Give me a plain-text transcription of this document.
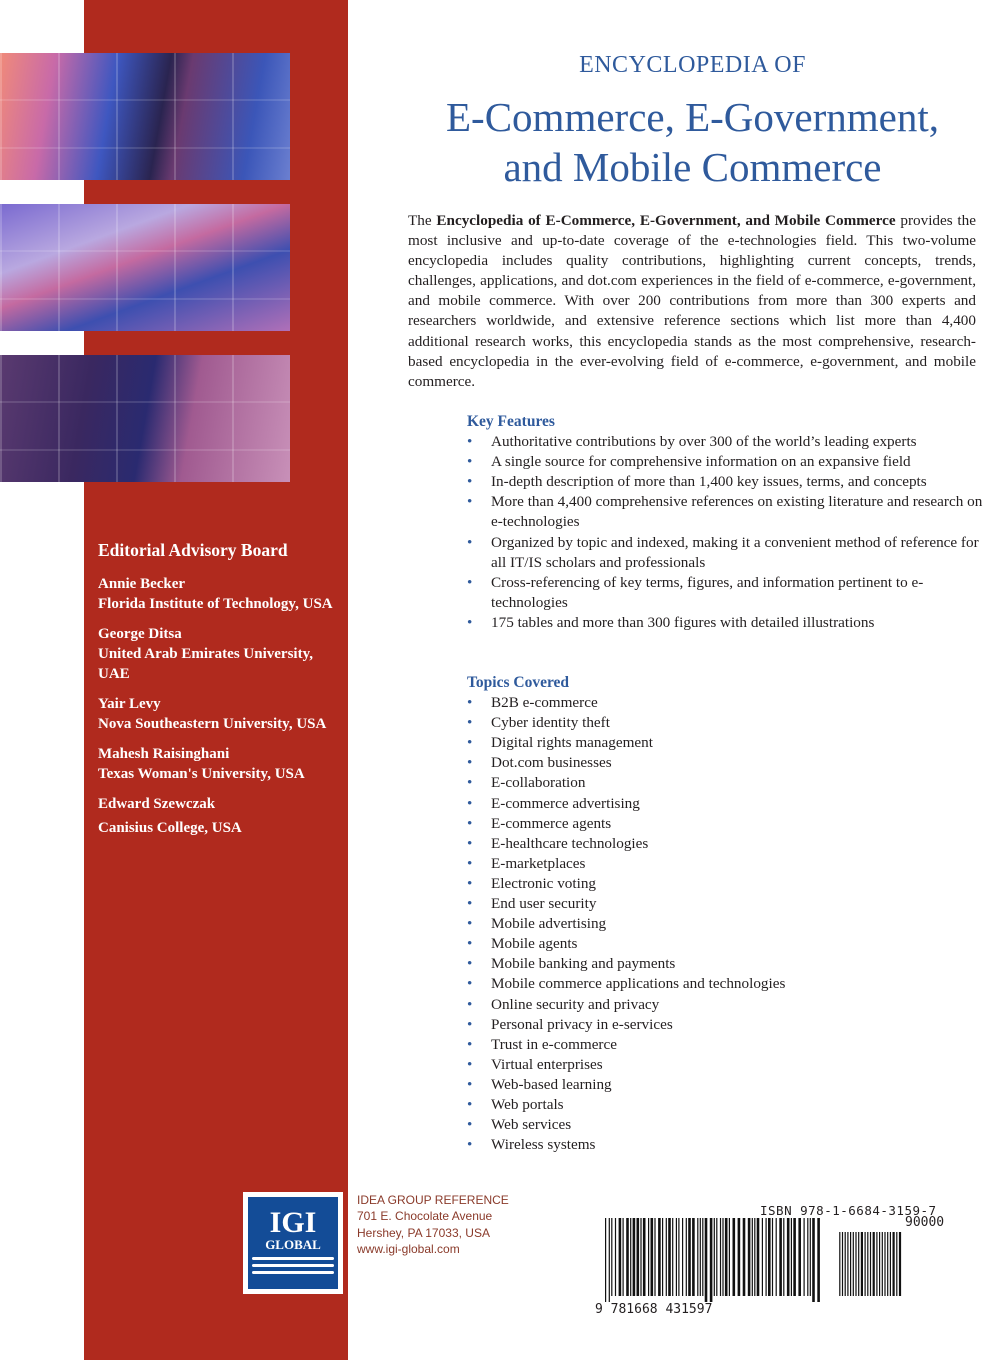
Editorial Advisory Board
Annie Becker
Florida Institute of Technology, USA
George Ditsa
United Arab Emirates University, UAE
Yair Levy
Nova Southeastern University, USA
Mahesh Raisinghani
Texas Woman's University, USA
Edward Szewczak
Canisius College, USA
ENCYCLOPEDIA OF
E-Commerce, E-Government,
and Mobile Commerce

The Encyclopedia of E-Commerce, E-Government, and Mobile Commerce provides the most inclusive and up-to-date coverage of the e-technologies field. This two-volume encyclopedia includes quality contributions, highlighting current concepts, trends, challenges, applications, and dot.com experiences in the field of e-commerce, e-government, and mobile commerce. With over 200 contributions from more than 300 experts and researchers worldwide, and extensive reference sections which list more than 4,400 additional research works, this encyclopedia stands as the most comprehensive, research-based encyclopedia in the ever-evolving field of e-commerce, e-government, and mobile commerce.

Key Features
• Authoritative contributions by over 300 of the world’s leading experts
• A single source for comprehensive information on an expansive field
• In-depth description of more than 1,400 key issues, terms, and concepts
• More than 4,400 comprehensive references on existing literature and research on e-technologies
• Organized by topic and indexed, making it a convenient method of reference for all IT/IS scholars and professionals
• Cross-referencing of key terms, figures, and information pertinent to e-technologies
• 175 tables and more than 300 figures with detailed illustrations
Topics Covered
• B2B e-commerce
• Cyber identity theft
• Digital rights management
• Dot.com businesses
• E-collaboration
• E-commerce advertising
• E-commerce agents
• E-healthcare technologies
• E-marketplaces
• Electronic voting
• End user security
• Mobile advertising
• Mobile agents
• Mobile banking and payments
• Mobile commerce applications and technologies
• Online security and privacy
• Personal privacy in e-services
• Trust in e-commerce
• Virtual enterprises
• Web-based learning
• Web portals
• Web services
• Wireless systems
IGI
GLOBAL
IDEA GROUP REFERENCE
701 E. Chocolate Avenue
Hershey, PA 17033, USA
www.igi-global.com
ISBN 978-1-6684-3159-7
90000
9 781668 431597
